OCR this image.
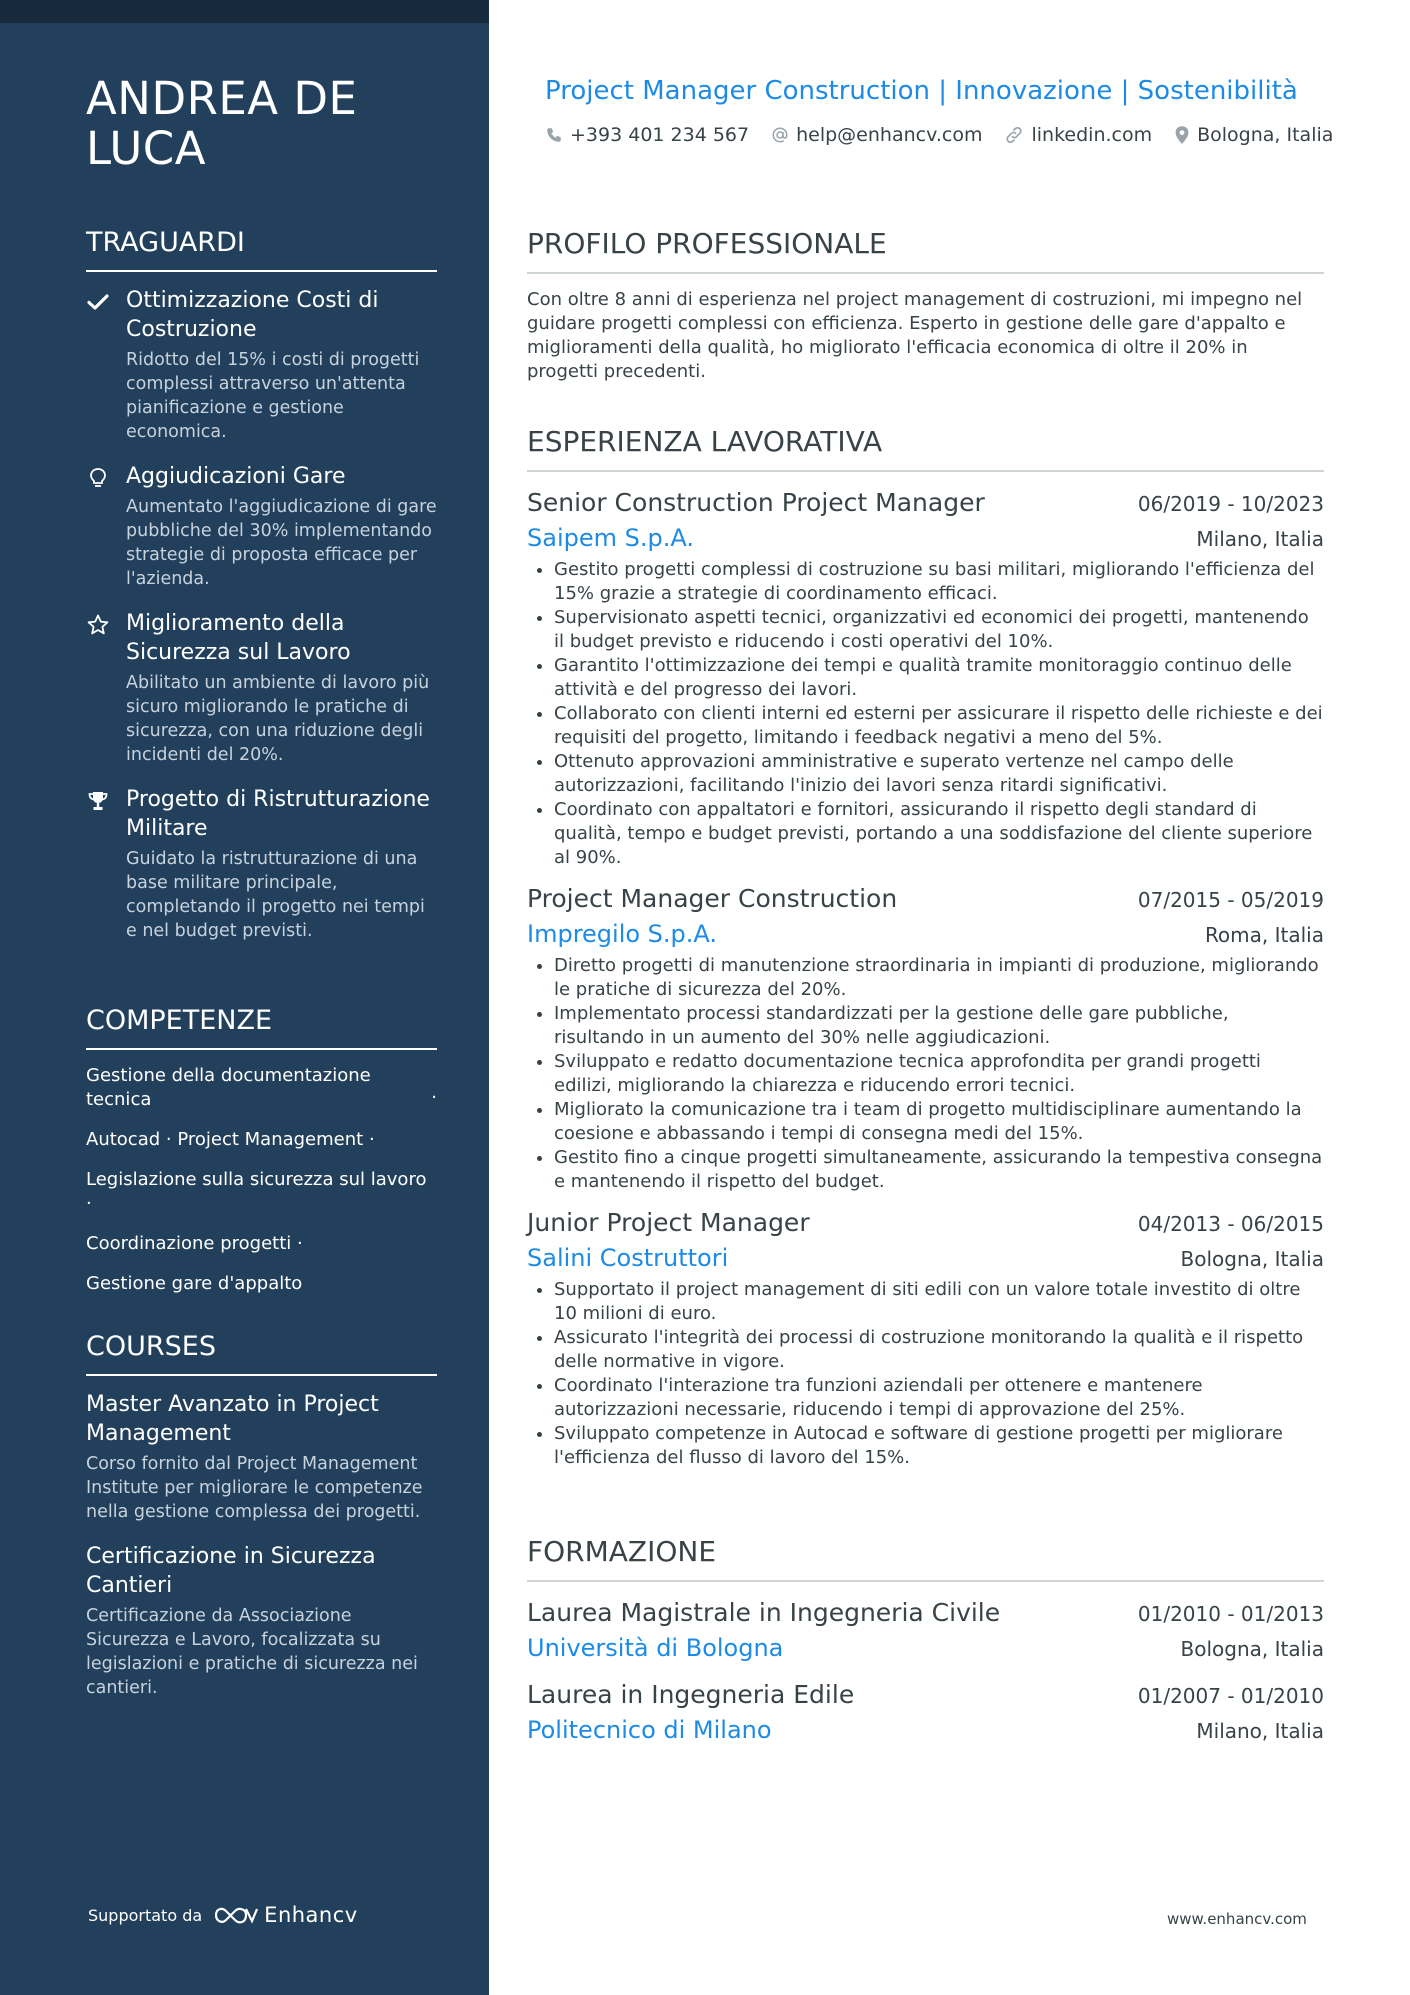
ANDREA DE LUCA
TRAGUARDI
Ottimizzazione Costi di Costruzione
Ridotto del 15% i costi di progetti complessi attraverso un'attenta pianificazione e gestione economica.
Aggiudicazioni Gare
Aumentato l'aggiudicazione di gare pubbliche del 30% implementando strategie di proposta efficace per l'azienda.
Miglioramento della Sicurezza sul Lavoro
Abilitato un ambiente di lavoro più sicuro migliorando le pratiche di sicurezza, con una riduzione degli incidenti del 20%.
Progetto di Ristrutturazione Militare
Guidato la ristrutturazione di una base militare principale, completando il progetto nei tempi e nel budget previsti.
COMPETENZE
Gestione della documentazione tecnica	·
Autocad · Project Management ·
Legislazione sulla sicurezza sul lavoro ·
Coordinazione progetti ·
Gestione gare d'appalto
COURSES
Master Avanzato in Project Management
Corso fornito dal Project Management Institute per migliorare le competenze nella gestione complessa dei progetti.
Certificazione in Sicurezza Cantieri
Certificazione da Associazione Sicurezza e Lavoro, focalizzata su legislazioni e pratiche di sicurezza nei cantieri.
Supportato da	Enhancv
Project Manager Construction | Innovazione | Sostenibilità
+393 401 234 567 help@enhancv.com	linkedin.com Bologna, Italia
PROFILO PROFESSIONALE
Con oltre 8 anni di esperienza nel project management di costruzioni, mi impegno nel guidare progetti complessi con efficienza. Esperto in gestione delle gare d'appalto e miglioramenti della qualità, ho migliorato l'efficacia economica di oltre il 20% in progetti precedenti.
ESPERIENZA LAVORATIVA
Senior Construction Project Manager	06/2019 - 10/2023
Saipem S.p.A.	Milano, Italia
• Gestito progetti complessi di costruzione su basi militari, migliorando l'efficienza del 15% grazie a strategie di coordinamento efficaci.
• Supervisionato aspetti tecnici, organizzativi ed economici dei progetti, mantenendo il budget previsto e riducendo i costi operativi del 10%.
• Garantito l'ottimizzazione dei tempi e qualità tramite monitoraggio continuo delle attività e del progresso dei lavori.
• Collaborato con clienti interni ed esterni per assicurare il rispetto delle richieste e dei requisiti del progetto, limitando i feedback negativi a meno del 5%.
• Ottenuto approvazioni amministrative e superato vertenze nel campo delle autorizzazioni, facilitando l'inizio dei lavori senza ritardi significativi.
• Coordinato con appaltatori e fornitori, assicurando il rispetto degli standard di qualità, tempo e budget previsti, portando a una soddisfazione del cliente superiore al 90%.
Project Manager Construction	07/2015 - 05/2019
Impregilo S.p.A.	Roma, Italia
• Diretto progetti di manutenzione straordinaria in impianti di produzione, migliorando le pratiche di sicurezza del 20%.
• Implementato processi standardizzati per la gestione delle gare pubbliche, risultando in un aumento del 30% nelle aggiudicazioni.
• Sviluppato e redatto documentazione tecnica approfondita per grandi progetti edilizi, migliorando la chiarezza e riducendo errori tecnici.
• Migliorato la comunicazione tra i team di progetto multidisciplinare aumentando la coesione e abbassando i tempi di consegna medi del 15%.
• Gestito fino a cinque progetti simultaneamente, assicurando la tempestiva consegna e mantenendo il rispetto del budget.
Junior Project Manager	04/2013 - 06/2015
Salini Costruttori	Bologna, Italia
• Supportato il project management di siti edili con un valore totale investito di oltre 10 milioni di euro.
• Assicurato l'integrità dei processi di costruzione monitorando la qualità e il rispetto delle normative in vigore.
• Coordinato l'interazione tra funzioni aziendali per ottenere e mantenere autorizzazioni necessarie, riducendo i tempi di approvazione del 25%.
• Sviluppato competenze in Autocad e software di gestione progetti per migliorare l'efficienza del flusso di lavoro del 15%.
FORMAZIONE
Laurea Magistrale in Ingegneria Civile	01/2010 - 01/2013
Università di Bologna	Bologna, Italia
Laurea in Ingegneria Edile	01/2007 - 01/2010
Politecnico di Milano	Milano, Italia
www.enhancv.com
